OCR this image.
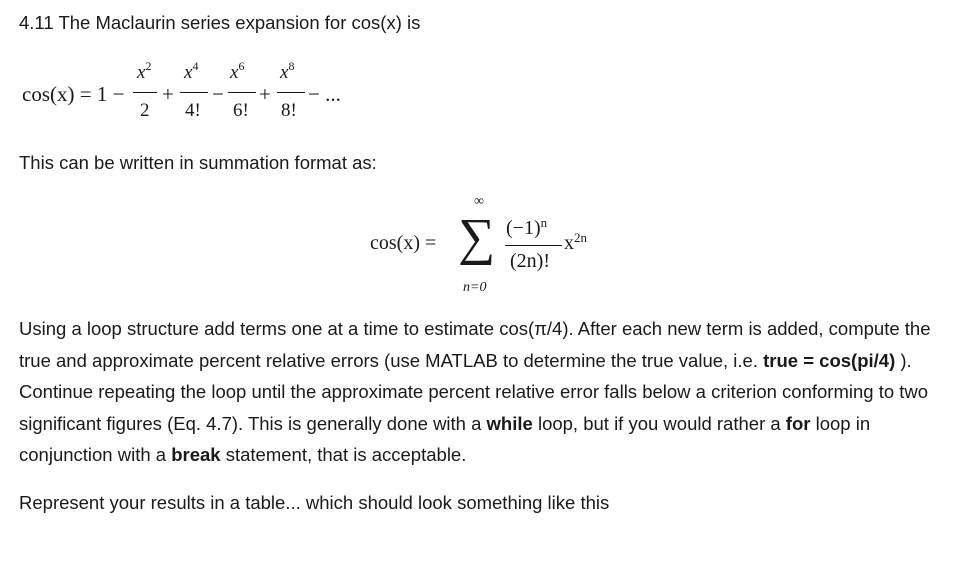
4.11 The Maclaurin series expansion for cos(x) is
cos(x) = 1 −
$x^2$
2
+
$x^4$
4!
−
$x^6$
6!
+
$x^8$
8!
− ...
This can be written in summation format as:
cos(x) =
∞
∑
n=0
$(-1)^n$
(2n)!
$x^{2n}$
Using a loop structure add terms one at a time to estimate cos(π/4). After each new term is added, compute the true and approximate percent relative errors (use MATLAB to determine the true value, i.e. true = cos(pi/4) ). Continue repeating the loop until the approximate percent relative error falls below a criterion conforming to two significant figures (Eq. 4.7). This is generally done with a while loop, but if you would rather a for loop in conjunction with a break statement, that is acceptable.
Represent your results in a table... which should look something like this
